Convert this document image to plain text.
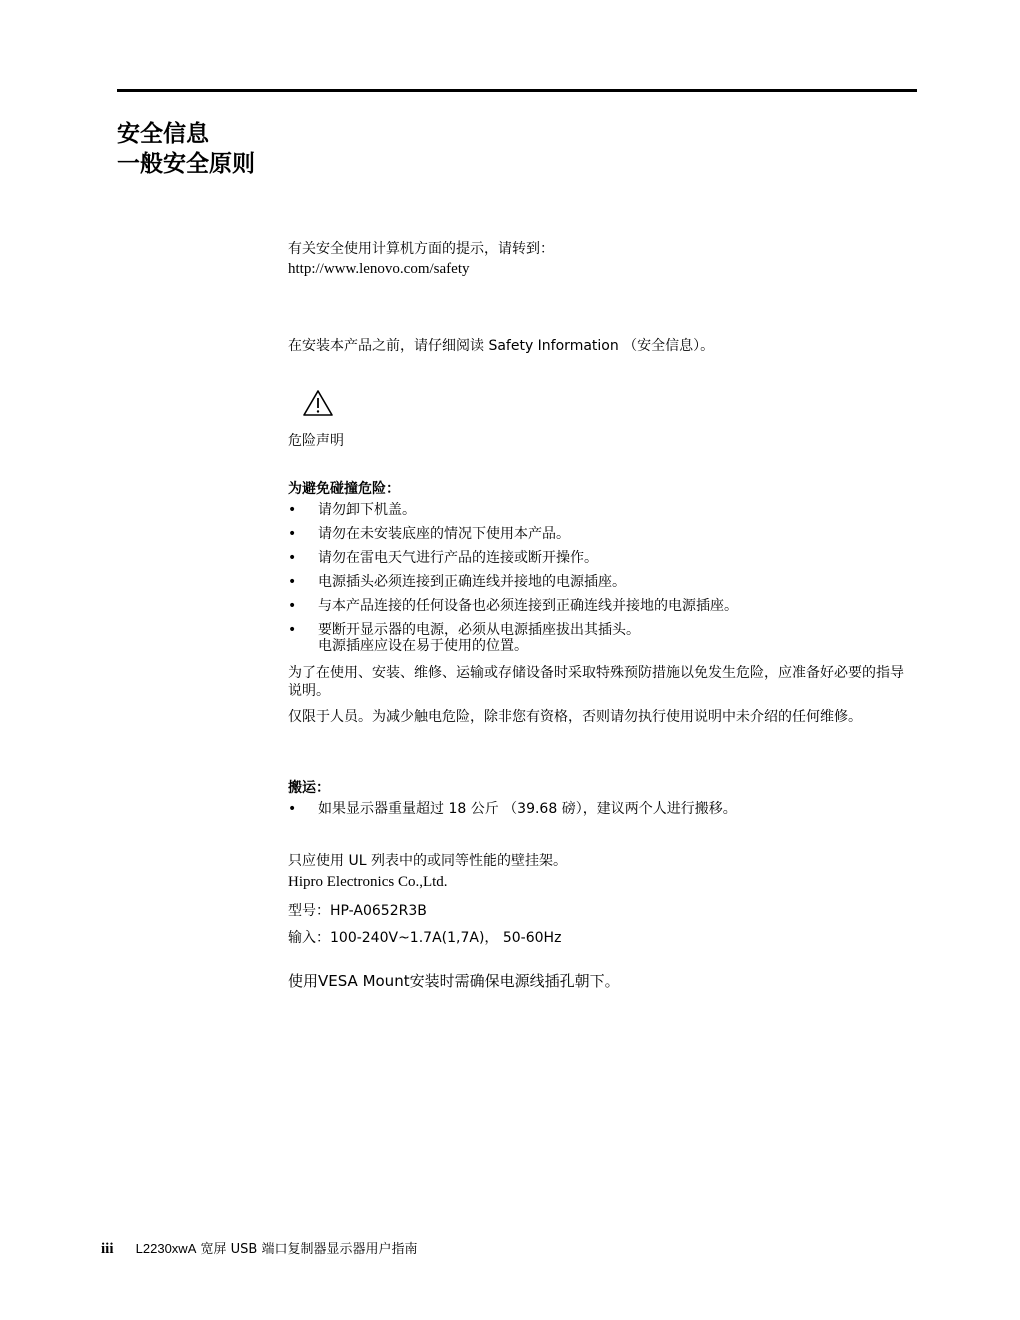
安全信息
一般安全原则
有关安全使用计算机方面的提示，请转到：
http://www.lenovo.com/safety
在安装本产品之前，请仔细阅读 Safety Information （安全信息）。
危险声明
为避免碰撞危险：
• 请勿卸下机盖。
• 请勿在未安装底座的情况下使用本产品。
• 请勿在雷电天气进行产品的连接或断开操作。
• 电源插头必须连接到正确连线并接地的电源插座。
• 与本产品连接的任何设备也必须连接到正确连线并接地的电源插座。
• 要断开显示器的电源，必须从电源插座拔出其插头。
电源插座应设在易于使用的位置。
为了在使用、安装、维修、运输或存储设备时采取特殊预防措施以免发生危险，应准备好必要的指导说明。
仅限于人员。为减少触电危险，除非您有资格，否则请勿执行使用说明中未介绍的任何维修。
搬运：
• 如果显示器重量超过 18 公斤 （39.68 磅），建议两个人进行搬移。
只应使用 UL 列表中的或同等性能的壁挂架。
Hipro Electronics Co.,Ltd.
型号：HP-A0652R3B
输入：100-240V~1.7A(1,7A)， 50-60Hz
使用VESA Mount安装时需确保电源线插孔朝下。
iii L2230xwA 宽屏 USB 端口复制器显示器用户指南
